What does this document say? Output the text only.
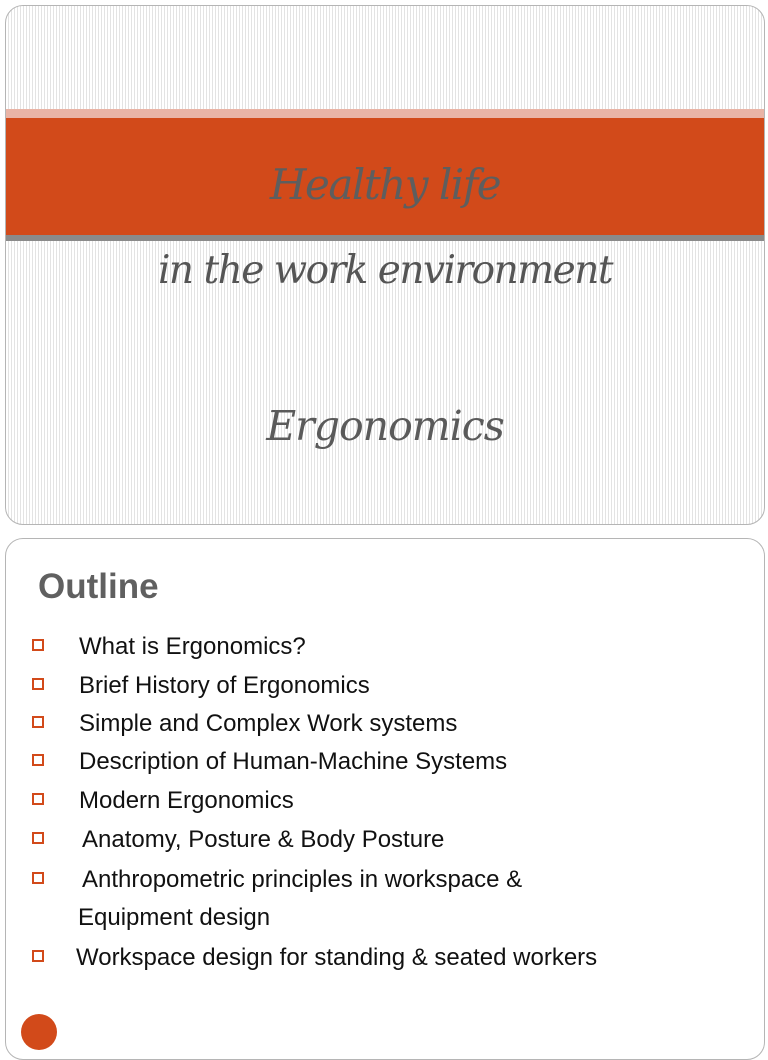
Healthy life
in the work environment
Ergonomics
Outline
What is Ergonomics?
Brief History of Ergonomics
Simple and Complex Work systems
Description of Human-Machine Systems
Modern Ergonomics
Anatomy, Posture & Body Posture
Anthropometric principles in workspace &
Equipment design
Workspace design for standing & seated workers
